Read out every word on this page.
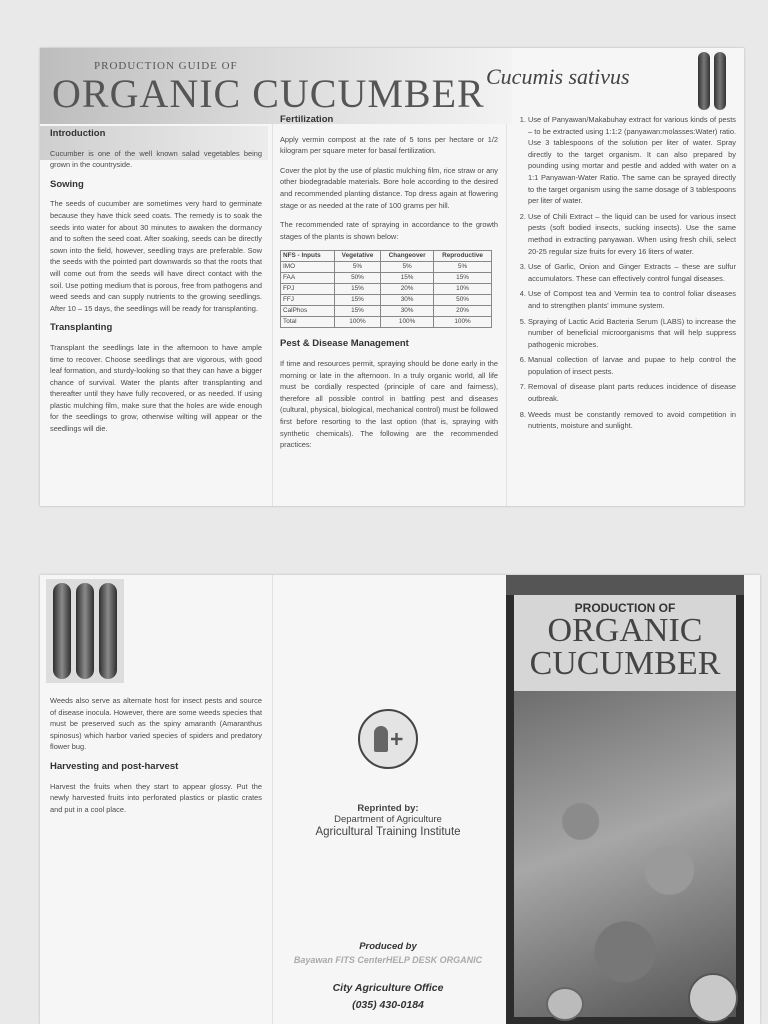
PRODUCTION GUIDE OF
ORGANIC CUCUMBER Cucumis sativus
Introduction

Cucumber is one of the well known salad vegetables being grown in the countryside.

Sowing

The seeds of cucumber are sometimes very hard to germinate because they have thick seed coats. The remedy is to soak the seeds into water for about 30 minutes to awaken the dormancy and to soften the seed coat. After soaking, seeds can be directly sown into the field, however, seedling trays are preferable. Sow the seeds with the pointed part downwards so that the roots that will come out from the seeds will have direct contact with the soil. Use potting medium that is porous, free from pathogens and weed seeds and can supply nutrients to the growing seedlings. After 10 – 15 days, the seedlings will be ready for transplanting.

Transplanting

Transplant the seedlings late in the afternoon to have ample time to recover. Choose seedlings that are vigorous, with good leaf formation, and sturdy-looking so that they can have a bigger chance of survival. Water the plants after transplanting and thereafter until they have fully recovered, or as needed. If using plastic mulching film, make sure that the holes are wide enough for the seedlings to grow, otherwise wilting will appear or the seedlings will die.

Fertilization

Apply vermin compost at the rate of 5 tons per hectare or 1/2 kilogram per square meter for basal fertilization.

Cover the plot by the use of plastic mulching film, rice straw or any other biodegradable materials. Bore hole according to the desired and recommended planting distance. Top dress again at flowering stage or as needed at the rate of 100 grams per hill.

The recommended rate of spraying in accordance to the growth stages of the plants is shown below:

NFS - Inputs	Vegetative	Changeover	Reproductive
IMO	5%	5%	5%
FAA	50%	15%	15%
FPJ	15%	20%	10%
FFJ	15%	30%	50%
CalPhos	15%	30%	20%
Total	100%	100%	100%
Pest & Disease Management

If time and resources permit, spraying should be done early in the morning or late in the afternoon. In a truly organic world, all life must be cordially respected (principle of care and fairness), therefore all possible control in battling pest and diseases (cultural, physical, biological, mechanical control) must be followed first before resorting to the last option (that is, spraying with synthetic chemicals). The following are the recommended practices:

1. Use of Panyawan/Makabuhay extract for various kinds of pests – to be extracted using 1:1:2 (panyawan:molasses:Water) ratio. Use 3 tablespoons of the solution per liter of water. Spray directly to the target organism. It can also prepared by pounding using mortar and pestle and added with water on a 1:1 Panyawan-Water Ratio. The same can be sprayed directly to the target organism using the same dosage of 3 tablespoons per liter of water.
2. Use of Chili Extract – the liquid can be used for various insect pests (soft bodied insects, sucking insects). Use the same method in extracting panyawan. When using fresh chili, select 20-25 regular size fruits for every 16 liters of water.
3. Use of Garlic, Onion and Ginger Extracts – these are sulfur accumulators. These can effectively control fungal diseases.
4. Use of Compost tea and Vermin tea to control foliar diseases and to strengthen plants' immune system.
5. Spraying of Lactic Acid Bacteria Serum (LABS) to increase the number of beneficial microorganisms that will help suppress pathogenic microbes.
6. Manual collection of larvae and pupae to help control the population of insect pests.
7. Removal of disease plant parts reduces incidence of disease outbreak.
8. Weeds must be constantly removed to avoid competition in nutrients, moisture and sunlight.

Weeds also serve as alternate host for insect pests and source of disease inocula. However, there are some weeds species that must be preserved such as the spiny amaranth (Amaranthus spinosus) which harbor varied species of spiders and predatory flower bug.

Harvesting and post-harvest

Harvest the fruits when they start to appear glossy. Put the newly harvested fruits into perforated plastics or plastic crates and put in a cool place.	Reprinted by:
Department of Agriculture
Agricultural Training Institute
Produced by
Bayawan FITS CenterHELP DESK ORGANIC
City Agriculture Office
(035) 430-0184
PRODUCTION OF
ORGANIC
CUCUMBER
